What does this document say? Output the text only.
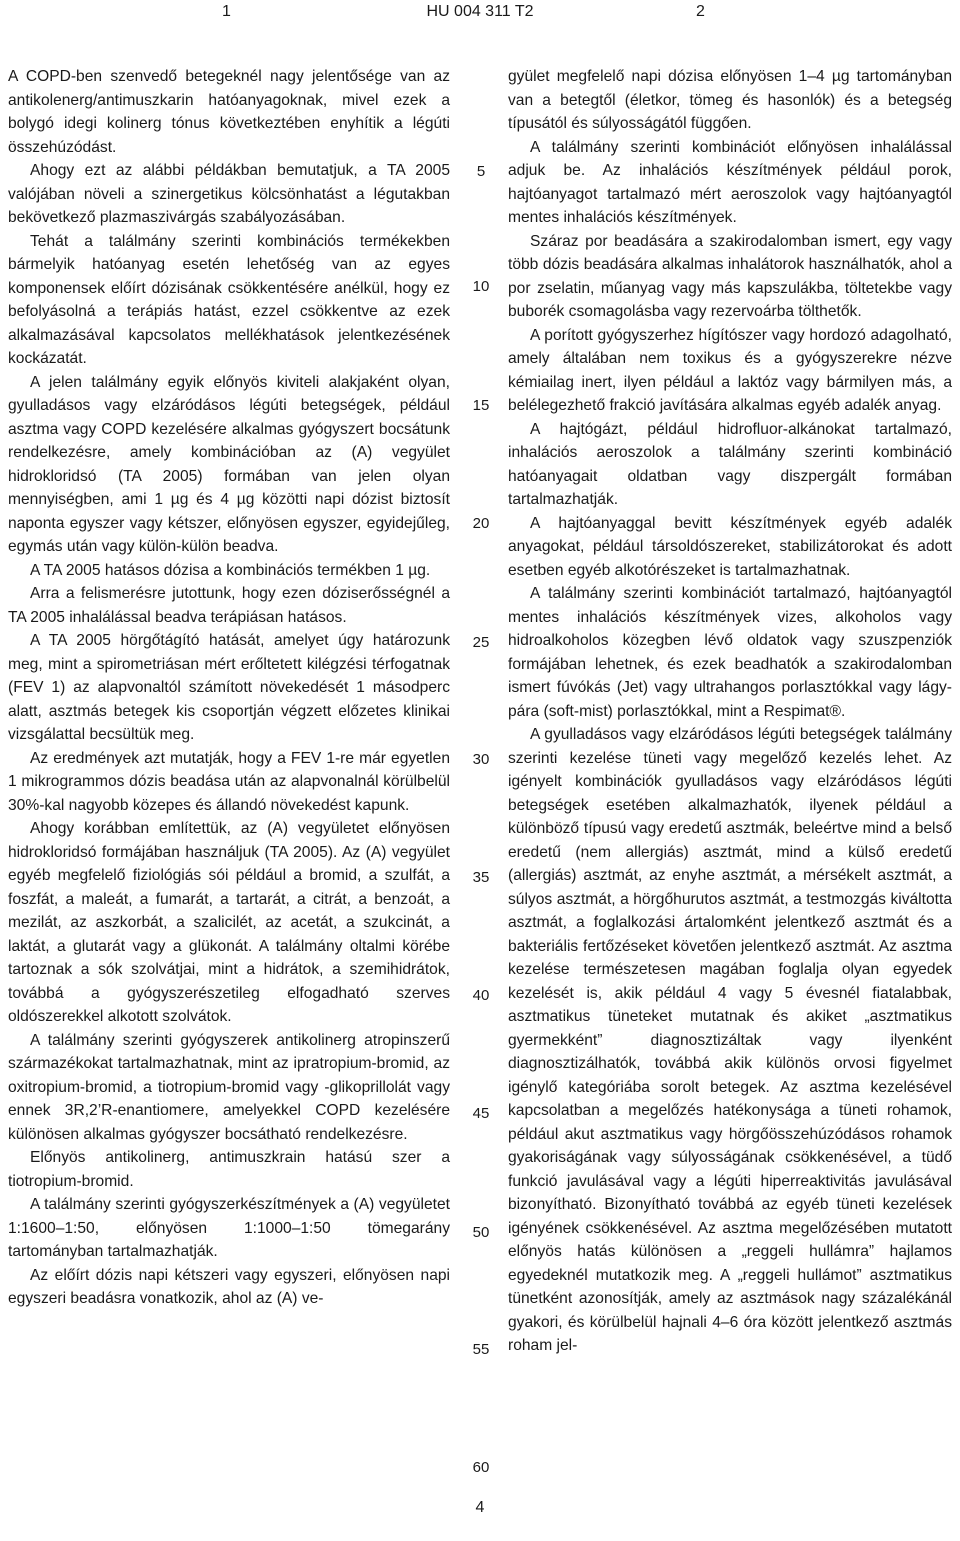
1	HU 004 311 T2	2

A COPD-ben szenvedő betegeknél nagy jelentősége van az antikolenerg/antimuszkarin hatóanyagoknak, mivel ezek a bolygó idegi kolinerg tónus következtében enyhítik a légúti összehúzódást.

Ahogy ezt az alábbi példákban bemutatjuk, a TA 2005 valójában növeli a szinergetikus kölcsönhatást a légutakban bekövetkező plazmaszivárgás szabályozásában.

Tehát a találmány szerinti kombinációs termékekben bármelyik hatóanyag esetén lehetőség van az egyes komponensek előírt dózisának csökkentésére anélkül, hogy ez befolyásolná a terápiás hatást, ezzel csökkentve az ezek alkalmazásával kapcsolatos mellékhatások jelentkezésének kockázatát.

A jelen találmány egyik előnyös kiviteli alakjaként olyan, gyulladásos vagy elzáródásos légúti betegségek, például asztma vagy COPD kezelésére alkalmas gyógyszert bocsátunk rendelkezésre, amely kombinációban az (A) vegyület hidrokloridsó (TA 2005) formában van jelen olyan mennyiségben, ami 1 µg és 4 µg közötti napi dózist biztosít naponta egyszer vagy kétszer, előnyösen egyszer, egyidejűleg, egymás után vagy külön-külön beadva.

A TA 2005 hatásos dózisa a kombinációs termékben 1 µg.

Arra a felismerésre jutottunk, hogy ezen dóziserősségnél a TA 2005 inhalálással beadva terápiásan hatásos.

A TA 2005 hörgőtágító hatását, amelyet úgy határozunk meg, mint a spirometriásan mért erőltetett kilégzési térfogatnak (FEV 1) az alapvonaltól számított növekedését 1 másodperc alatt, asztmás betegek kis csoportján végzett előzetes klinikai vizsgálattal becsültük meg.

Az eredmények azt mutatják, hogy a FEV 1-re már egyetlen 1 mikrogrammos dózis beadása után az alapvonalnál körülbelül 30%-kal nagyobb közepes és állandó növekedést kapunk.

Ahogy korábban említettük, az (A) vegyületet előnyösen hidrokloridsó formájában használjuk (TA 2005). Az (A) vegyület egyéb megfelelő fiziológiás sói például a bromid, a szulfát, a foszfát, a maleát, a fumarát, a tartarát, a citrát, a benzoát, a mezilát, az aszkorbát, a szalicilét, az acetát, a szukcinát, a laktát, a glutarát vagy a glükonát. A találmány oltalmi körébe tartoznak a sók szolvátjai, mint a hidrátok, a szemihidrátok, továbbá a gyógyszerészetileg elfogadható szerves oldószerekkel alkotott szolvátok.

A találmány szerinti gyógyszerek antikolinerg atropinszerű származékokat tartalmazhatnak, mint az ipratropium-bromid, az oxitropium-bromid, a tiotropium-bromid vagy -glikoprillolát vagy ennek 3R,2’R-enantiomere, amelyekkel COPD kezelésére különösen alkalmas gyógyszer bocsátható rendelkezésre.

Előnyös antikolinerg, antimuszkrain hatású szer a tiotropium-bromid.

A találmány szerinti gyógyszerkészítmények a (A) vegyületet 1:1600–1:50, előnyösen 1:1000–1:50 tömegarány tartományban tartalmazhatják.

Az előírt dózis napi kétszeri vagy egyszeri, előnyösen napi egyszeri beadásra vonatkozik, ahol az (A) ve-

5
10
15
20
25
30
35
40
45
50
55
60

gyület megfelelő napi dózisa előnyösen 1–4 µg tartományban van a betegtől (életkor, tömeg és hasonlók) és a betegség típusától és súlyosságától függően.

A találmány szerinti kombinációt előnyösen inhalálással adjuk be. Az inhalációs készítmények például porok, hajtóanyagot tartalmazó mért aeroszolok vagy hajtóanyagtól mentes inhalációs készítmények.

Száraz por beadására a szakirodalomban ismert, egy vagy több dózis beadására alkalmas inhalátorok használhatók, ahol a por zselatin, műanyag vagy más kapszulákba, töltetekbe vagy buborék csomagolásba vagy rezervoárba tölthetők.

A porított gyógyszerhez hígítószer vagy hordozó adagolható, amely általában nem toxikus és a gyógyszerekre nézve kémiailag inert, ilyen például a laktóz vagy bármilyen más, a belélegezhető frakció javítására alkalmas egyéb adalék anyag.

A hajtógázt, például hidrofluor-alkánokat tartalmazó, inhalációs aeroszolok a találmány szerinti kombináció hatóanyagait oldatban vagy diszpergált formában tartalmazhatják.

A hajtóanyaggal bevitt készítmények egyéb adalék anyagokat, például társoldószereket, stabilizátorokat és adott esetben egyéb alkotórészeket is tartalmazhatnak.

A találmány szerinti kombinációt tartalmazó, hajtóanyagtól mentes inhalációs készítmények vizes, alkoholos vagy hidroalkoholos közegben lévő oldatok vagy szuszpenziók formájában lehetnek, és ezek beadhatók a szakirodalomban ismert fúvókás (Jet) vagy ultrahangos porlasztókkal vagy lágy-pára (soft-mist) porlasztókkal, mint a Respimat®.

A gyulladásos vagy elzáródásos légúti betegségek találmány szerinti kezelése tüneti vagy megelőző kezelés lehet. Az igényelt kombinációk gyulladásos vagy elzáródásos légúti betegségek esetében alkalmazhatók, ilyenek például a különböző típusú vagy eredetű asztmák, beleértve mind a belső eredetű (nem allergiás) asztmát, mind a külső eredetű (allergiás) asztmát, az enyhe asztmát, a mérsékelt asztmát, a súlyos asztmát, a hörgőhurutos asztmát, a testmozgás kiváltotta asztmát, a foglalkozási ártalomként jelentkező asztmát és a bakteriális fertőzéseket követően jelentkező asztmát. Az asztma kezelése természetesen magában foglalja olyan egyedek kezelését is, akik például 4 vagy 5 évesnél fiatalabbak, asztmatikus tüneteket mutatnak és akiket „asztmatikus gyermekként” diagnosztizáltak vagy ilyenként diagnosztizálhatók, továbbá akik különös orvosi figyelmet igénylő kategóriába sorolt betegek. Az asztma kezelésével kapcsolatban a megelőzés hatékonysága a tüneti rohamok, például akut asztmatikus vagy hörgőösszehúzódásos rohamok gyakoriságának vagy súlyosságának csökkenésével, a tüdő funkció javulásával vagy a légúti hiperreaktivitás javulásával bizonyítható. Bizonyítható továbbá az egyéb tüneti kezelések igényének csökkenésével. Az asztma megelőzésében mutatott előnyös hatás különösen a „reggeli hullámra” hajlamos egyedeknél mutatkozik meg. A „reggeli hullámot” asztmatikus tünetként azonosítják, amely az asztmások nagy százalékánál gyakori, és körülbelül hajnali 4–6 óra között jelentkező asztmás roham jel-

4
